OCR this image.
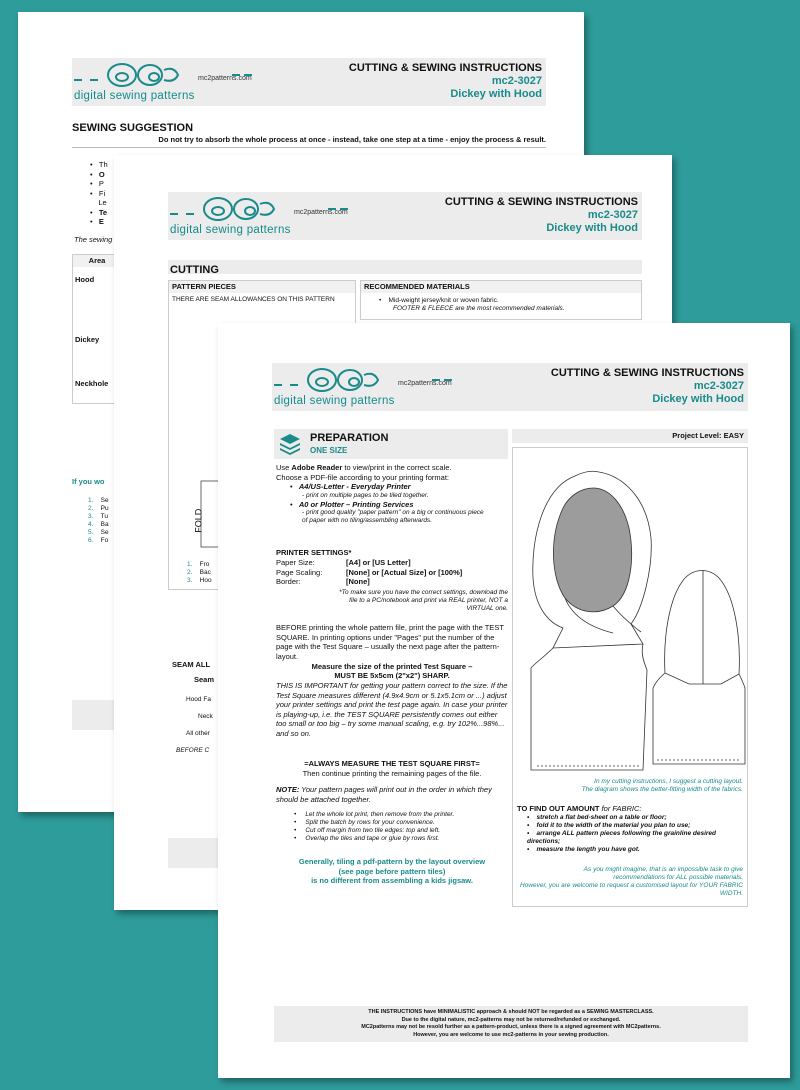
mc2patterns.com
digital sewing patterns
CUTTING & SEWING INSTRUCTIONS
mc2-3027
Dickey with Hood
SEWING SUGGESTION
Do not try to absorb the whole process at once - instead, take one step at a time - enjoy the process & result.
•   Th
•   O
•   P
•   Fi
Le
•   Te
•   E
The sewing
Area
Hood
Dickey
Neckhole
If you wo
1. Se
2. Pu
3. Tu
4. Ba
5. Se
6. Fo
mc2patterns.com
digital sewing patterns
CUTTING & SEWING INSTRUCTIONS
mc2-3027
Dickey with Hood
CUTTING
PATTERN PIECES
THERE ARE SEAM ALLOWANCES ON THIS PATTERN
FOLD
1. Fro
2. Bac
3. Hoo
RECOMMENDED MATERIALS
•    Mid-weight jersey/knit or woven fabric.
FOOTER & FLEECE are the most recommended materials.
SEAM ALL
Seam
Hood Fa
Neck
All other
BEFORE C
mc2patterns.com
digital sewing patterns
CUTTING & SEWING INSTRUCTIONS
mc2-3027
Dickey with Hood
PREPARATION
ONE SIZE
Project Level: EASY
Use Adobe Reader to view/print in the correct scale.
Choose a PDF-file according to your printing format:
•   A4/US-Letter - Everyday Printer
- print on multiple pages to be tiled together.
•   A0 or Plotter – Printing Services
- print good quality "paper pattern" on a big or continuous piece of paper with no tiling/assembling afterwards.
PRINTER SETTINGS*
Paper Size:	[A4] or [US Letter]
Page Scaling:	[None] or [Actual Size] or [100%]
Border:	[None]
*To make sure you have the correct settings, download the file to a PC/notebook and print via REAL printer, NOT a VIRTUAL one.
BEFORE printing the whole pattern file, print the page with the TEST SQUARE. In printing options under "Pages" put the number of the page with the Test Square – usually the next page after the pattern-layout.
Measure the size of the printed Test Square –
MUST BE 5x5cm (2"x2") SHARP.
THIS IS IMPORTANT for getting your pattern correct to the size. If the Test Square measures different (4.9x4.9cm or 5.1x5.1cm or ...) adjust your printer settings and print the test page again. In case your printer is playing-up, i.e. the TEST SQUARE persistently comes out either too small or too big – try some manual scaling, e.g. try 102%...98%... and so on.
=ALWAYS MEASURE THE TEST SQUARE FIRST=
Then continue printing the remaining pages of the file.
NOTE: Your pattern pages will print out in the order in which they should be attached together.
•     Let the whole lot print, then remove from the printer.
•     Split the batch by rows for your convenience.
•     Cut off margin from two tile edges: top and left.
•     Overlap the tiles and tape or glue by rows first.
Generally, tiling a pdf-pattern by the layout overview
(see page before pattern tiles)
is no different from assembling a kids jigsaw.
In my cutting instructions, I suggest a cutting layout.
The diagram shows the better-fitting width of the fabrics.
TO FIND OUT AMOUNT for FABRIC:
•    stretch a flat bed-sheet on a table or floor;
•    fold it to the width of the material you plan to use;
•    arrange ALL pattern pieces following the grainline desired directions;
•    measure the length you have got.
As you might imagine, that is an impossible task to give
recommendations for ALL possible materials.
However, you are welcome to request a customised layout for YOUR FABRIC WIDTH.
THE INSTRUCTIONS have MINIMALISTIC approach & should NOT be regarded as a SEWING MASTERCLASS.
Due to the digital nature, mc2-patterns may not be returned/refunded or exchanged.
MC2patterns may not be resold further as a pattern-product, unless there is a signed agreement with MC2patterns.
However, you are welcome to use mc2-patterns in your sewing production.
